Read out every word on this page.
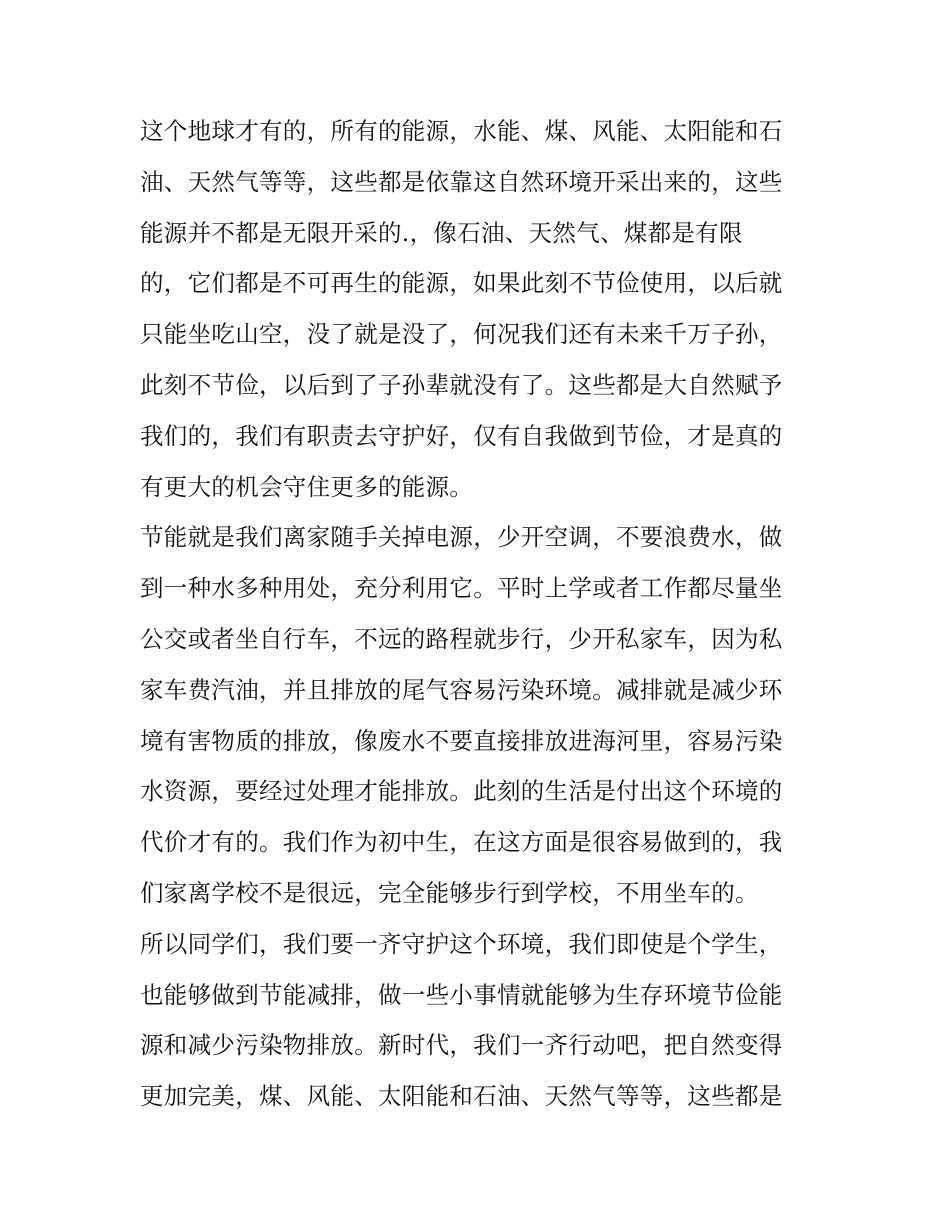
这个地球才有的，所有的能源，水能、煤、风能、太阳能和石
油、天然气等等，这些都是依靠这自然环境开采出来的，这些
能源并不都是无限开采的.，像石油、天然气、煤都是有限
的，它们都是不可再生的能源，如果此刻不节俭使用，以后就
只能坐吃山空，没了就是没了，何况我们还有未来千万子孙，
此刻不节俭，以后到了子孙辈就没有了。这些都是大自然赋予
我们的，我们有职责去守护好，仅有自我做到节俭，才是真的
有更大的机会守住更多的能源。
节能就是我们离家随手关掉电源，少开空调，不要浪费水，做
到一种水多种用处，充分利用它。平时上学或者工作都尽量坐
公交或者坐自行车，不远的路程就步行，少开私家车，因为私
家车费汽油，并且排放的尾气容易污染环境。减排就是减少环
境有害物质的排放，像废水不要直接排放进海河里，容易污染
水资源，要经过处理才能排放。此刻的生活是付出这个环境的
代价才有的。我们作为初中生，在这方面是很容易做到的，我
们家离学校不是很远，完全能够步行到学校，不用坐车的。
所以同学们，我们要一齐守护这个环境，我们即使是个学生，
也能够做到节能减排，做一些小事情就能够为生存环境节俭能
源和减少污染物排放。新时代，我们一齐行动吧，把自然变得
更加完美，煤、风能、太阳能和石油、天然气等等，这些都是
